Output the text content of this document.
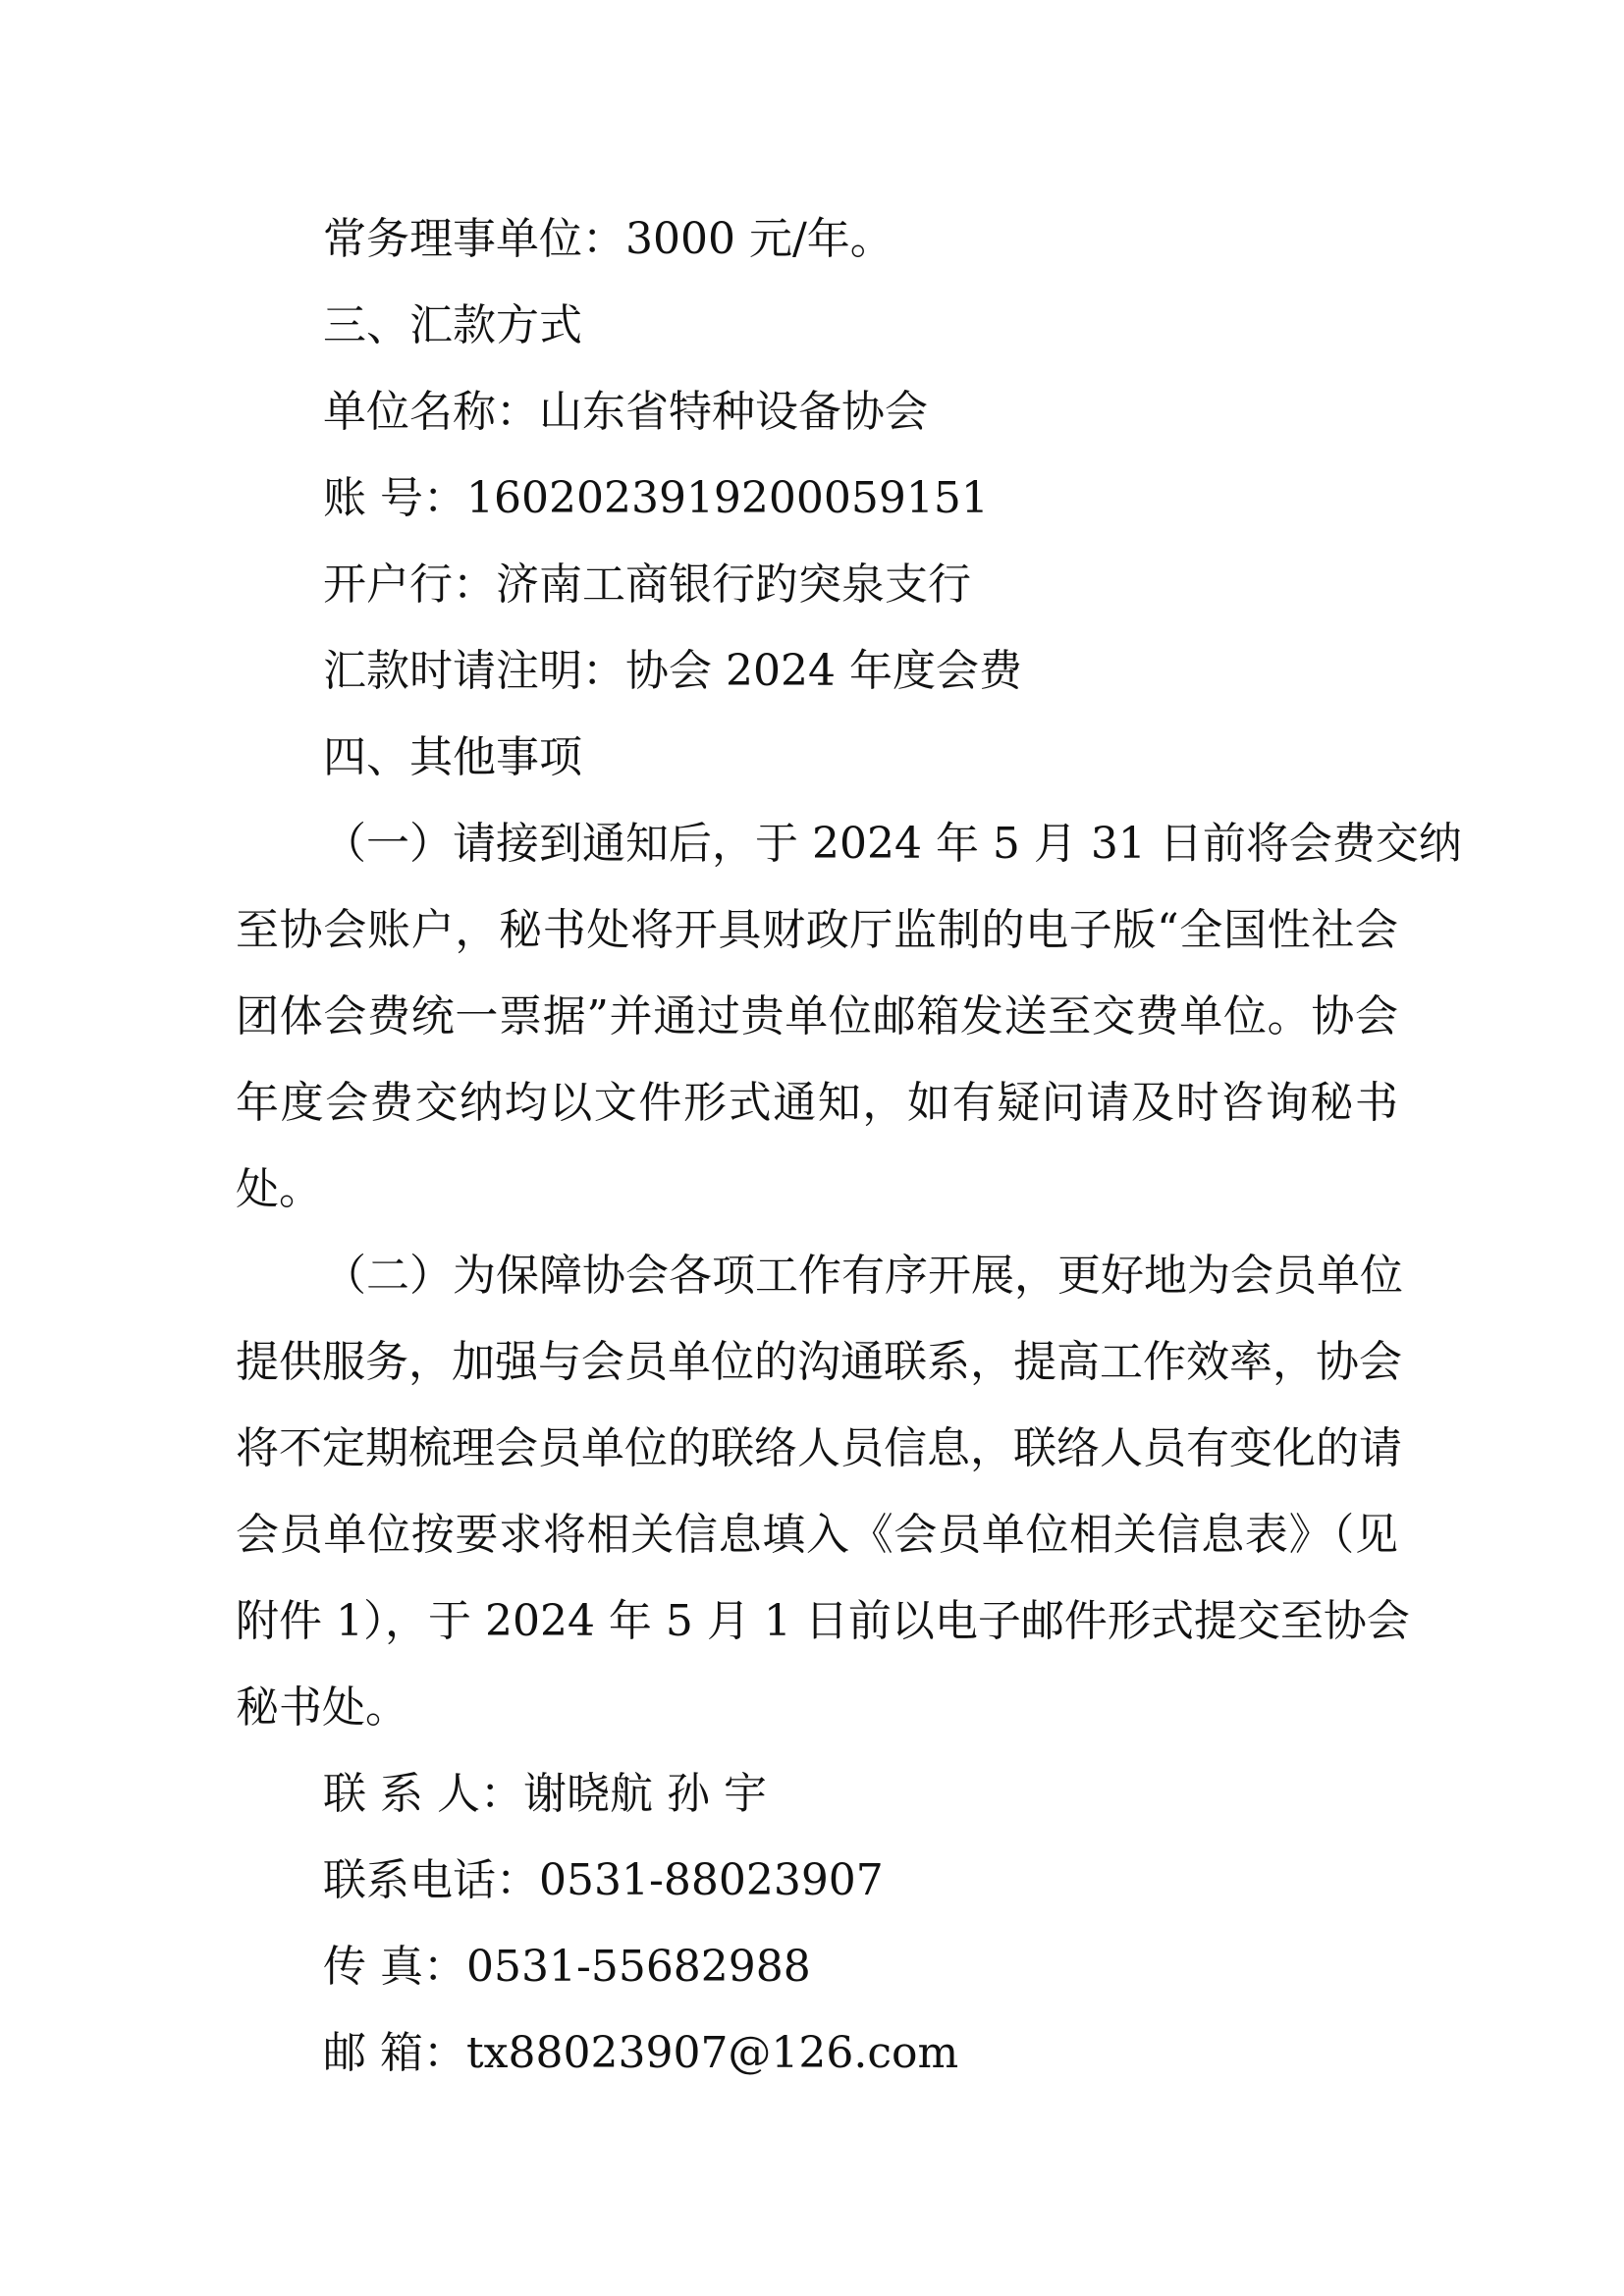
常务理事单位：3000 元/年。
三、汇款方式
单位名称：山东省特种设备协会
账 号：1602023919200059151
开户行：济南工商银行趵突泉支行
汇款时请注明：协会 2024 年度会费
四、其他事项
（一）请接到通知后，于 2024 年 5 月 31 日前将会费交纳
至协会账户，秘书处将开具财政厅监制的电子版“全国性社会
团体会费统一票据”并通过贵单位邮箱发送至交费单位。协会
年度会费交纳均以文件形式通知，如有疑问请及时咨询秘书
处。
（二）为保障协会各项工作有序开展，更好地为会员单位
提供服务，加强与会员单位的沟通联系，提高工作效率，协会
将不定期梳理会员单位的联络人员信息，联络人员有变化的请
会员单位按要求将相关信息填入《会员单位相关信息表》（见
附件 1），于 2024 年 5 月 1 日前以电子邮件形式提交至协会
秘书处。
联 系 人：谢晓航 孙 宇
联系电话：0531-88023907
传 真：0531-55682988
邮 箱：tx88023907@126.com
